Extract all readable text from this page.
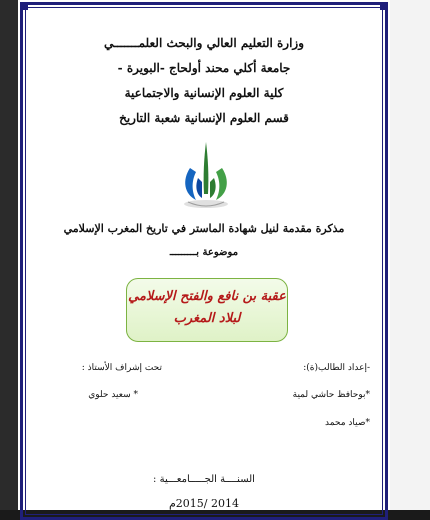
وزارة التعليم العالي والبحث العلمـــــــي
جامعة أكلي محند أولحاج -البويرة -
كلية العلوم الإنسانية والاجتماعية
قسم العلوم الإنسانية شعبة التاريخ
مذكرة مقدمة لنيل شهادة الماستر في تاريخ المغرب الإسلامي
موضوعة بـــــــــ
عقبة بن نافع والفتح الإسلامي
لبلاد المغرب
-إعداد الطالب(ة):
تحت إشراف الأستاذ :
*بوحافظ حاشي لمية
* سعيد حلوي
*صياد محمد
السنــــة الجـــــامعـــية :
2014 /2015م
